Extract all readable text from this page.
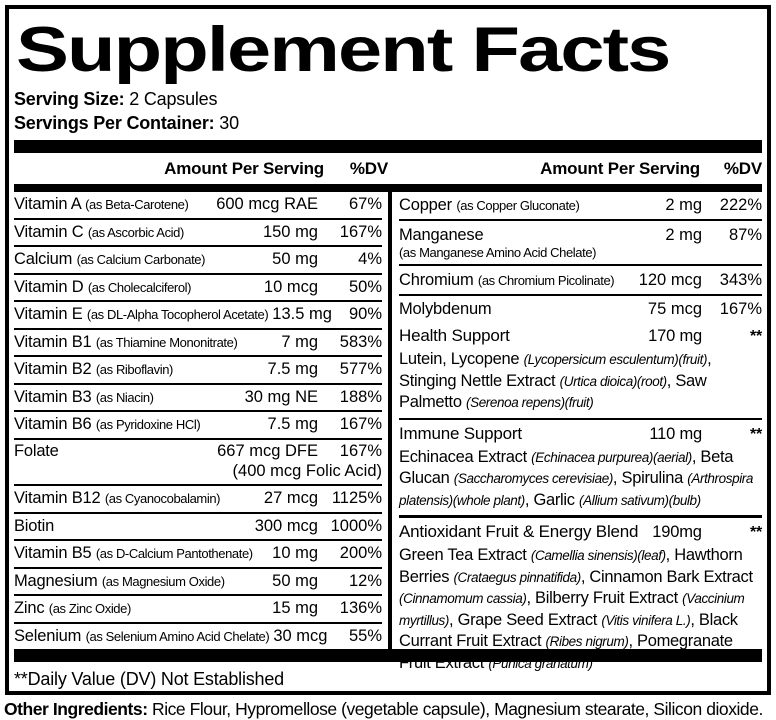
Supplement Facts
Serving Size: 2 Capsules
Servings Per Container: 30
Amount Per Serving	%DV	Amount Per Serving	%DV
Vitamin A (as Beta-Carotene)	600 mcg RAE	67%
Vitamin C (as Ascorbic Acid)	150 mg	167%
Calcium (as Calcium Carbonate)	50 mg	4%
Vitamin D (as Cholecalciferol)	10 mcg	50%
Vitamin E (as DL-Alpha Tocopherol Acetate) 13.5 mg	90%
Vitamin B1 (as Thiamine Mononitrate)	7 mg	583%
Vitamin B2 (as Riboflavin)	7.5 mg	577%
Vitamin B3 (as Niacin)	30 mg NE	188%
Vitamin B6 (as Pyridoxine HCl)	7.5 mg	167%
Folate	667 mcg DFE	167%
(400 mcg Folic Acid)
Vitamin B12 (as Cyanocobalamin)	27 mcg 1125%
Biotin	300 mcg 1000%
Vitamin B5 (as D-Calcium Pantothenate)	10 mg	200%
Magnesium (as Magnesium Oxide)	50 mg	12%
Zinc (as Zinc Oxide)	15 mg	136%
Selenium (as Selenium Amino Acid Chelate) 30 mcg	55%
Copper (as Copper Gluconate)	2 mg	222%
Manganese	2 mg	87%
(as Manganese Amino Acid Chelate)
Chromium (as Chromium Picolinate)	120 mcg	343%
Molybdenum	75 mcg	167%
Health Support	170 mg	**
Lutein, Lycopene (Lycopersicum esculentum)(fruit), Stinging Nettle Extract (Urtica dioica)(root), Saw Palmetto (Serenoa repens)(fruit)
Immune Support	110 mg	**
Echinacea Extract (Echinacea purpurea)(aerial), Beta Glucan (Saccharomyces cerevisiae), Spirulina (Arthrospira platensis)(whole plant), Garlic (Allium sativum)(bulb)
Antioxidant Fruit & Energy Blend 190mg	**
Green Tea Extract (Camellia sinensis)(leaf), Hawthorn Berries (Crataegus pinnatifida), Cinnamon Bark Extract (Cinnamomum cassia), Bilberry Fruit Extract (Vaccinium myrtillus), Grape Seed Extract (Vitis vinifera L.), Black Currant Fruit Extract (Ribes nigrum), Pomegranate Fruit Extract (Punica granatum)
**Daily Value (DV) Not Established
Other Ingredients: Rice Flour, Hypromellose (vegetable capsule), Magnesium stearate, Silicon dioxide.
